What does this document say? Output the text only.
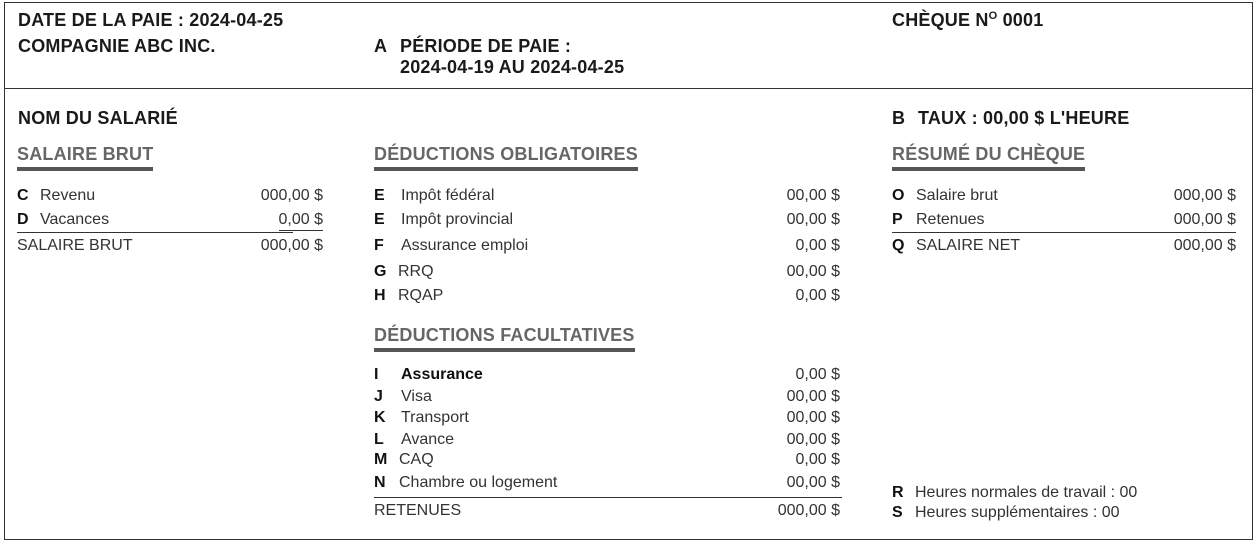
DATE DE LA PAIE : 2024-04-25
COMPAGNIE ABC INC.	A PÉRIODE DE PAIE :
2024-04-19 AU 2024-04-25
CHÈQUE $N^O$ 0001
NOM DU SALARIÉ	B TAUX : 00,00 $ L'HEURE
SALAIRE BRUT
C Revenu	000,00 $
D Vacances	0,00 $
SALAIRE BRUT	000,00 $
DÉDUCTIONS OBLIGATOIRES
E Impôt fédéral	00,00 $
E Impôt provincial	00,00 $
F Assurance emploi	0,00 $
G RRQ	00,00 $
H RQAP	0,00 $
DÉDUCTIONS FACULTATIVES
I Assurance	0,00 $
J Visa	00,00 $
K Transport	00,00 $
L Avance	00,00 $
M CAQ	0,00 $
N Chambre ou logement	00,00 $
RETENUES	000,00 $
RÉSUMÉ DU CHÈQUE
O Salaire brut	000,00 $
P Retenues	000,00 $
Q SALAIRE NET	000,00 $
R Heures normales de travail : 00
S Heures supplémentaires : 00
